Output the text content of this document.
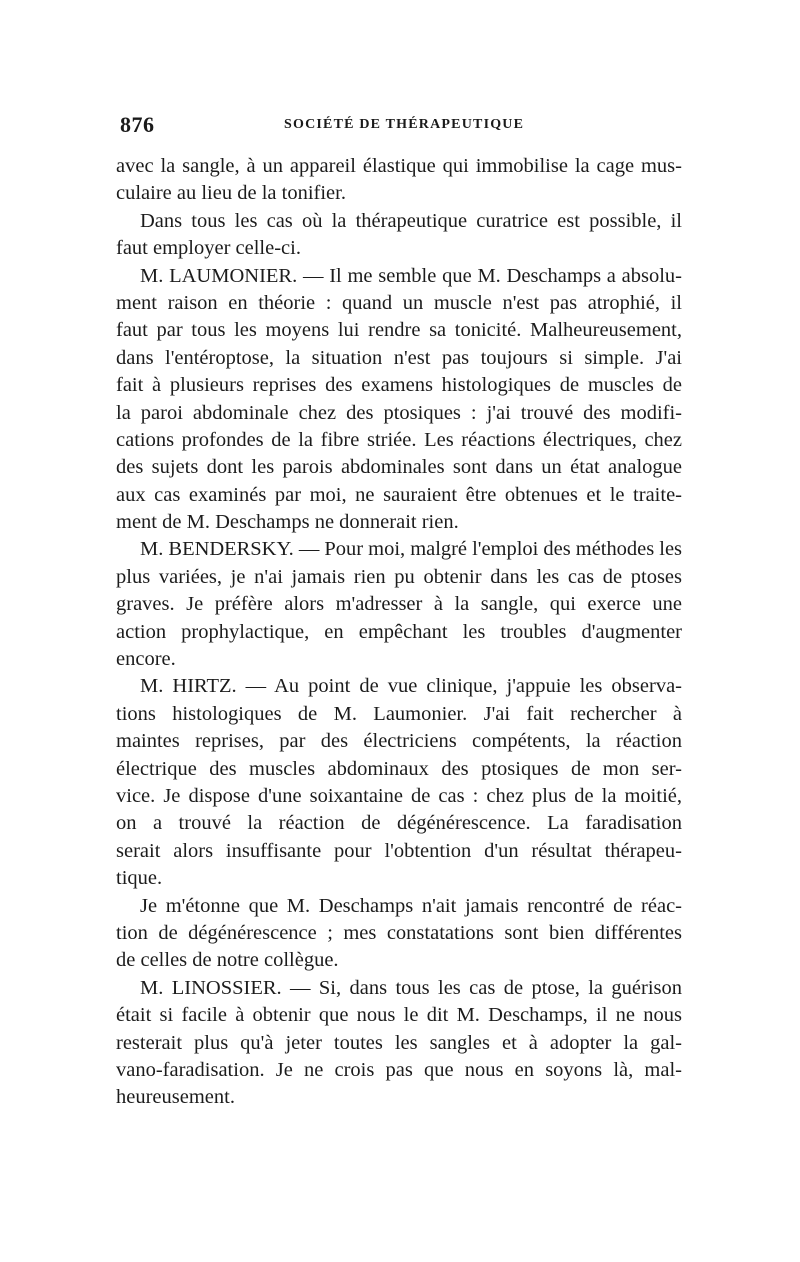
876	SOCIÉTÉ DE THÉRAPEUTIQUE
avec la sangle, à un appareil élastique qui immobilise la cage mus-
culaire au lieu de la tonifier.
Dans tous les cas où la thérapeutique curatrice est possible, il
faut employer celle-ci.
M. LAUMONIER. — Il me semble que M. Deschamps a absolu-
ment raison en théorie : quand un muscle n'est pas atrophié, il
faut par tous les moyens lui rendre sa tonicité. Malheureusement,
dans l'entéroptose, la situation n'est pas toujours si simple. J'ai
fait à plusieurs reprises des examens histologiques de muscles de
la paroi abdominale chez des ptosiques : j'ai trouvé des modifi-
cations profondes de la fibre striée. Les réactions électriques, chez
des sujets dont les parois abdominales sont dans un état analogue
aux cas examinés par moi, ne sauraient être obtenues et le traite-
ment de M. Deschamps ne donnerait rien.
M. BENDERSKY. — Pour moi, malgré l'emploi des méthodes les
plus variées, je n'ai jamais rien pu obtenir dans les cas de ptoses
graves. Je préfère alors m'adresser à la sangle, qui exerce une
action prophylactique, en empêchant les troubles d'augmenter
encore.
M. HIRTZ. — Au point de vue clinique, j'appuie les observa-
tions histologiques de M. Laumonier. J'ai fait rechercher à
maintes reprises, par des électriciens compétents, la réaction
électrique des muscles abdominaux des ptosiques de mon ser-
vice. Je dispose d'une soixantaine de cas : chez plus de la moitié,
on a trouvé la réaction de dégénérescence. La faradisation
serait alors insuffisante pour l'obtention d'un résultat thérapeu-
tique.
Je m'étonne que M. Deschamps n'ait jamais rencontré de réac-
tion de dégénérescence ; mes constatations sont bien différentes
de celles de notre collègue.
M. LINOSSIER. — Si, dans tous les cas de ptose, la guérison
était si facile à obtenir que nous le dit M. Deschamps, il ne nous
resterait plus qu'à jeter toutes les sangles et à adopter la gal-
vano-faradisation. Je ne crois pas que nous en soyons là, mal-
heureusement.
